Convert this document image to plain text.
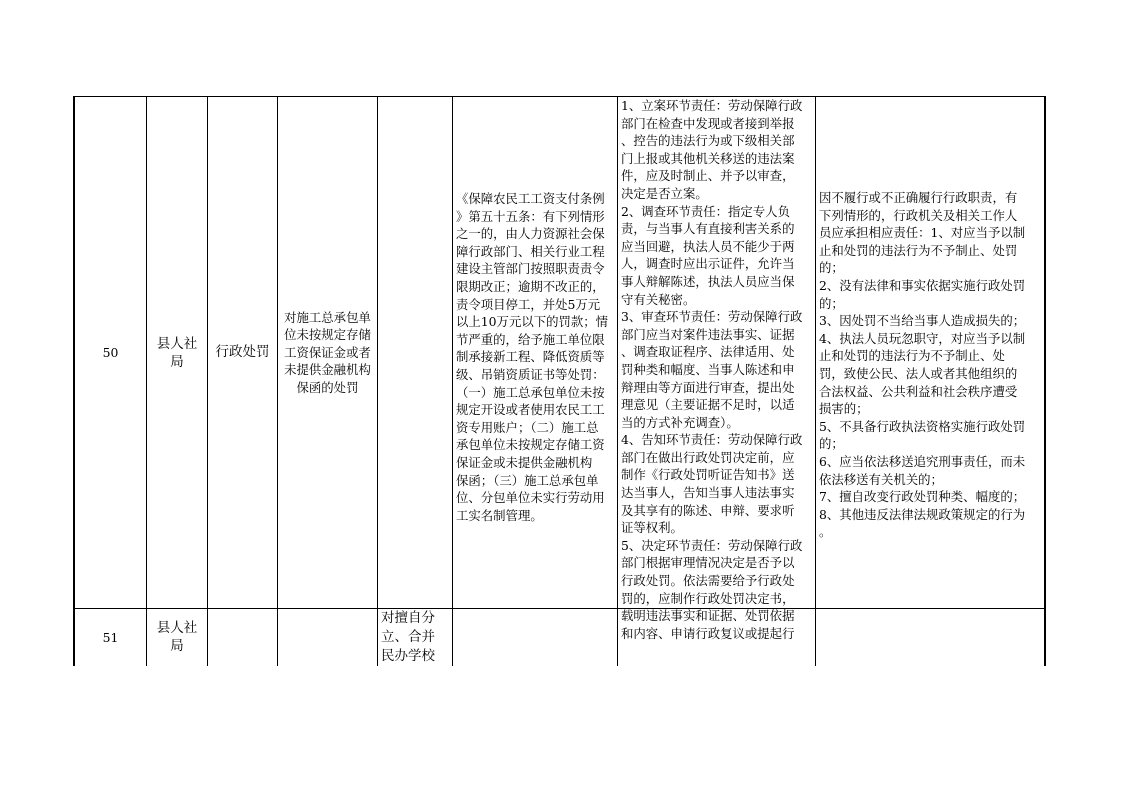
50
县人社
局
行政处罚
对施工总承包单
位未按规定存储
工资保证金或者
未提供金融机构
保函的处罚
《保障农民工工资支付条例
》第五十五条：有下列情形
之一的，由人力资源社会保
障行政部门、相关行业工程
建设主管部门按照职责责令
限期改正；逾期不改正的，
责令项目停工，并处5万元
以上10万元以下的罚款；情
节严重的，给予施工单位限
制承接新工程、降低资质等
级、吊销资质证书等处罚：
（一）施工总承包单位未按
规定开设或者使用农民工工
资专用账户；（二）施工总
承包单位未按规定存储工资
保证金或未提供金融机构
保函；（三）施工总承包单
位、分包单位未实行劳动用
工实名制管理。
1、立案环节责任：劳动保障行政
部门在检查中发现或者接到举报
、控告的违法行为或下级相关部
门上报或其他机关移送的违法案
件，应及时制止、并予以审查，
决定是否立案。
2、调查环节责任：指定专人负
责，与当事人有直接利害关系的
应当回避，执法人员不能少于两
人，调查时应出示证件，允许当
事人辩解陈述，执法人员应当保
守有关秘密。
3、审查环节责任：劳动保障行政
部门应当对案件违法事实、证据
、调查取证程序、法律适用、处
罚种类和幅度、当事人陈述和申
辩理由等方面进行审查，提出处
理意见（主要证据不足时，以适
当的方式补充调查）。
4、告知环节责任：劳动保障行政
部门在做出行政处罚决定前，应
制作《行政处罚听证告知书》送
达当事人，告知当事人违法事实
及其享有的陈述、申辩、要求听
证等权利。
5、决定环节责任：劳动保障行政
部门根据审理情况决定是否予以
行政处罚。依法需要给予行政处
罚的，应制作行政处罚决定书，
载明违法事实和证据、处罚依据
和内容、申请行政复议或提起行
因不履行或不正确履行行政职责，有
下列情形的，行政机关及相关工作人
员应承担相应责任：1、对应当予以制
止和处罚的违法行为不予制止、处罚
的；
2、没有法律和事实依据实施行政处罚
的；
3、因处罚不当给当事人造成损失的；
4、执法人员玩忽职守，对应当予以制
止和处罚的违法行为不予制止、处
罚，致使公民、法人或者其他组织的
合法权益、公共利益和社会秩序遭受
损害的；
5、不具备行政执法资格实施行政处罚
的；
6、应当依法移送追究刑事责任，而未
依法移送有关机关的；
7、擅自改变行政处罚种类、幅度的；
8、其他违反法律法规政策规定的行为
。
51
县人社
局
对擅自分
立、合并
民办学校
